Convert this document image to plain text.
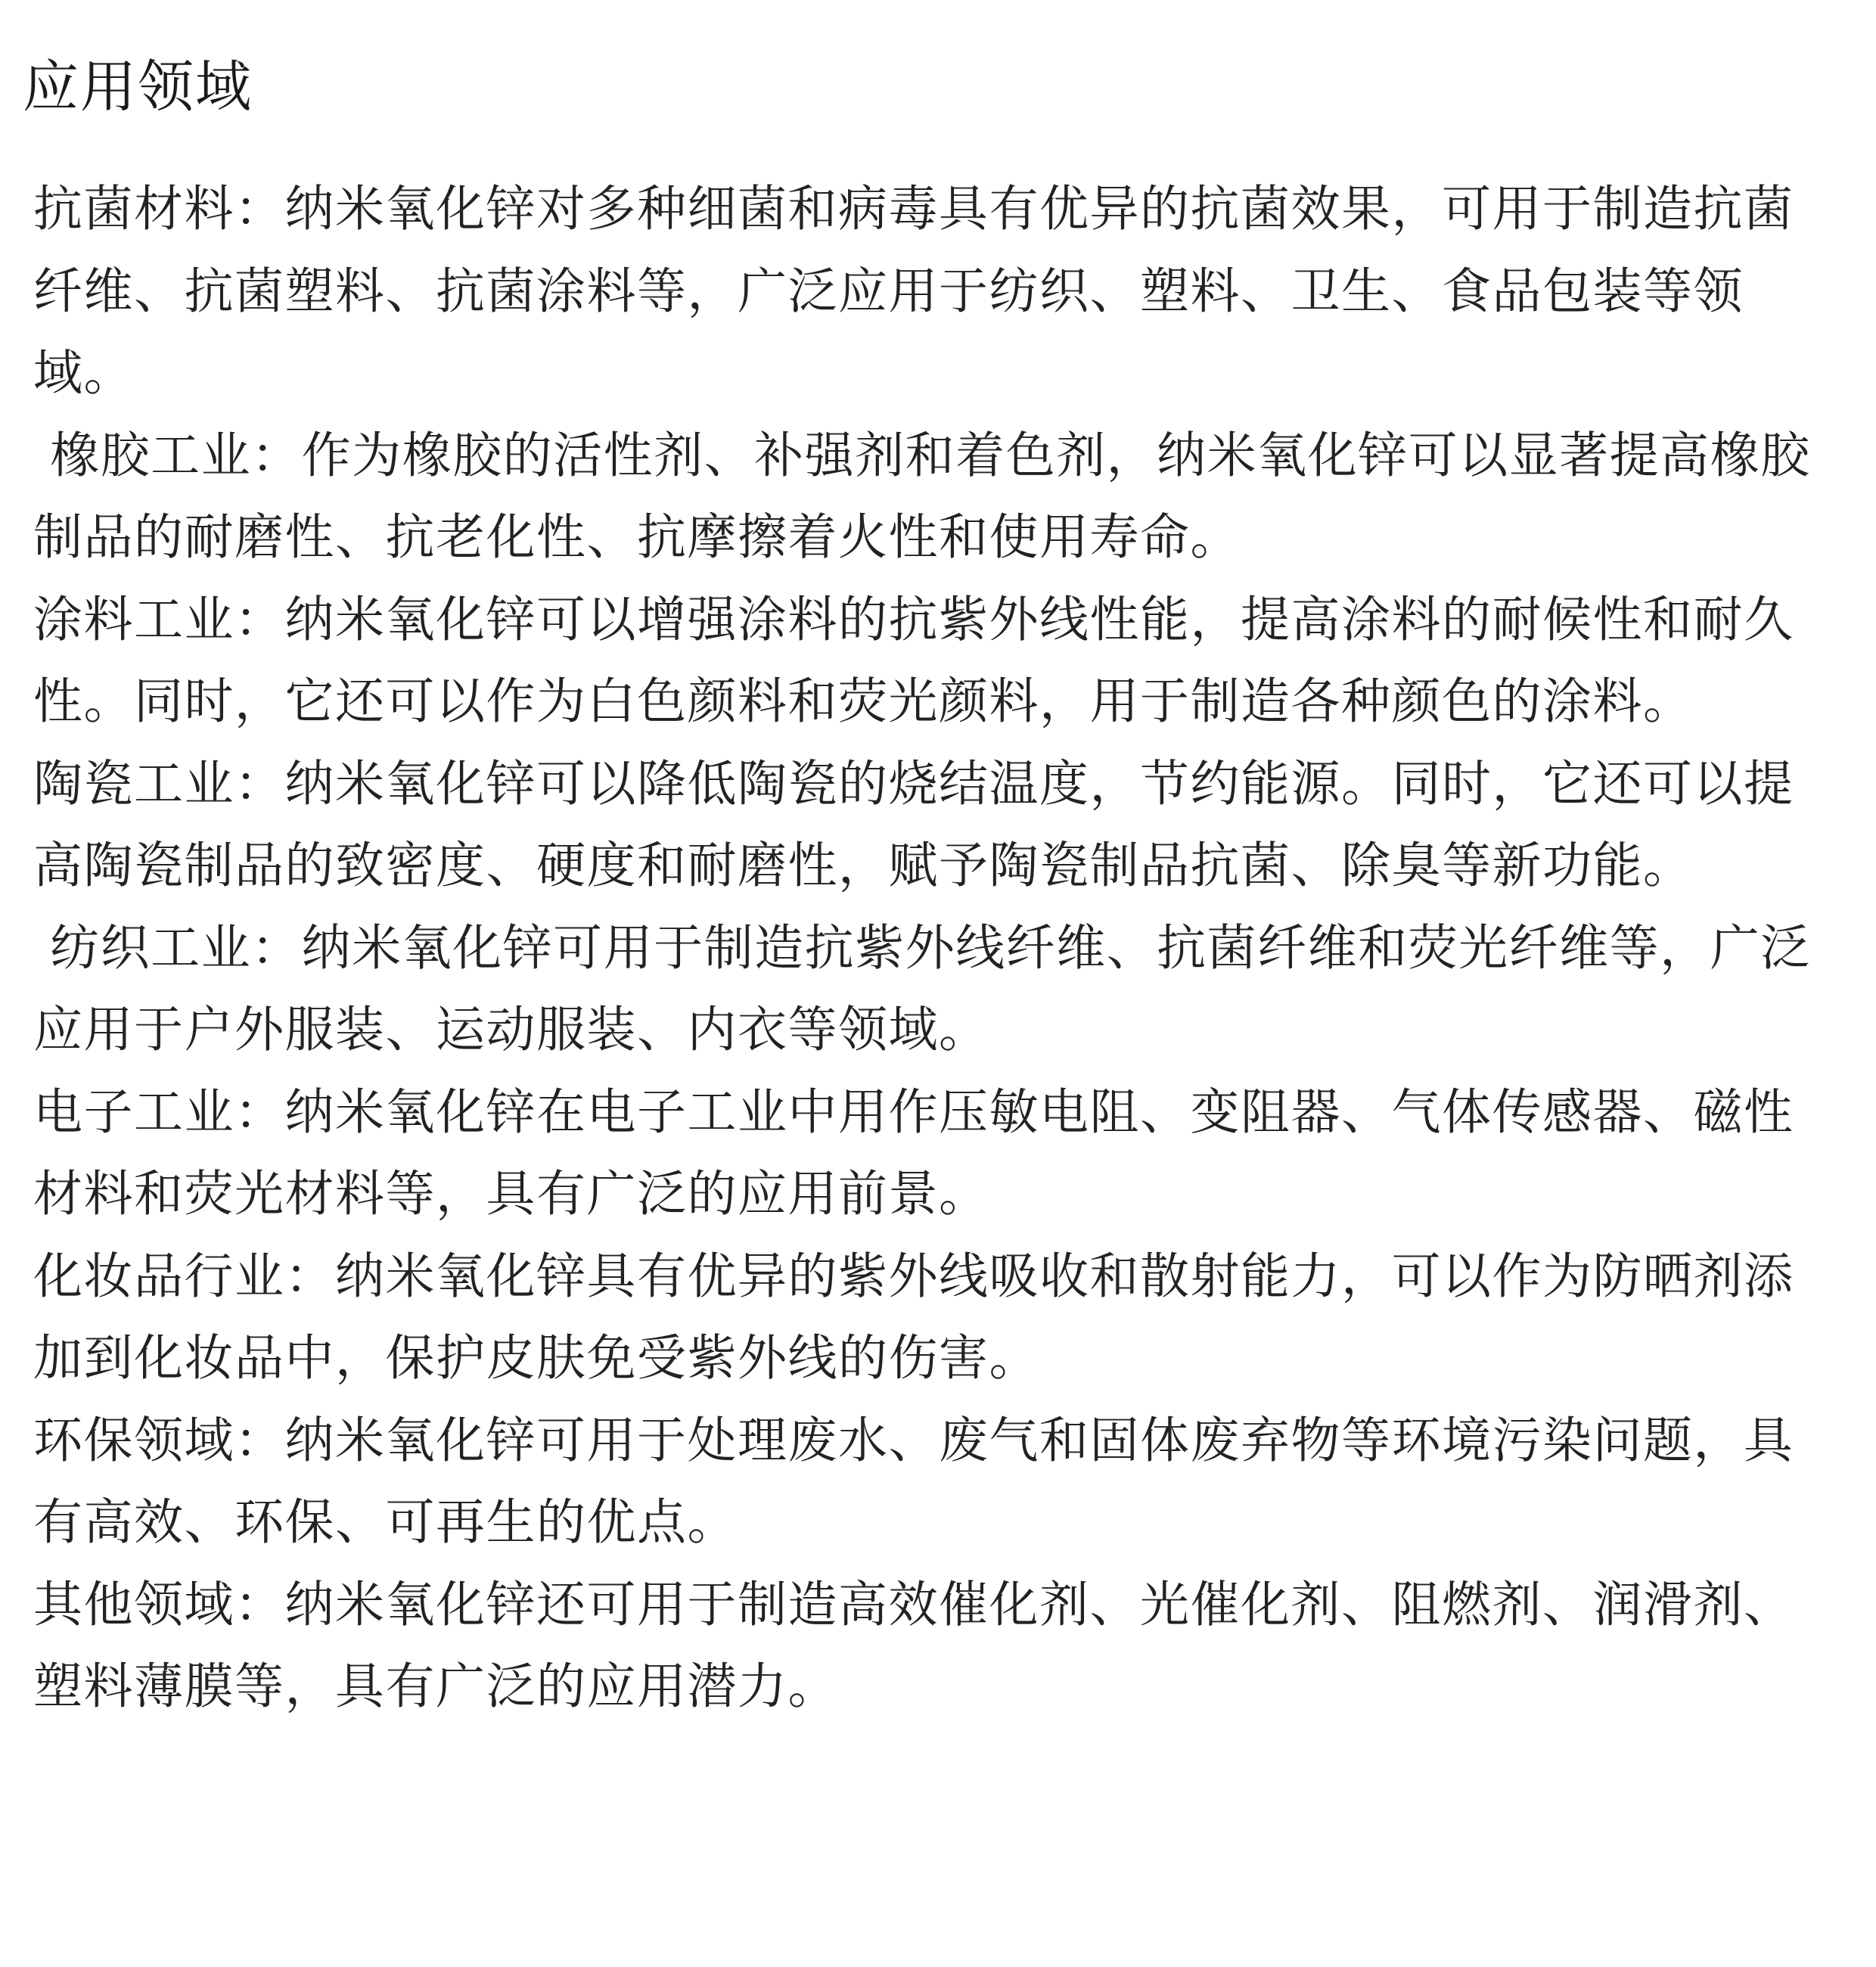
应用领域

抗菌材料：纳米氧化锌对多种细菌和病毒具有优异的抗菌效果，可用于制造抗菌纤维、抗菌塑料、抗菌涂料等，广泛应用于纺织、塑料、卫生、食品包装等领域。

橡胶工业：作为橡胶的活性剂、补强剂和着色剂，纳米氧化锌可以显著提高橡胶制品的耐磨性、抗老化性、抗摩擦着火性和使用寿命。

涂料工业：纳米氧化锌可以增强涂料的抗紫外线性能，提高涂料的耐候性和耐久性。同时，它还可以作为白色颜料和荧光颜料，用于制造各种颜色的涂料。

陶瓷工业：纳米氧化锌可以降低陶瓷的烧结温度，节约能源。同时，它还可以提高陶瓷制品的致密度、硬度和耐磨性，赋予陶瓷制品抗菌、除臭等新功能。

纺织工业：纳米氧化锌可用于制造抗紫外线纤维、抗菌纤维和荧光纤维等，广泛应用于户外服装、运动服装、内衣等领域。

电子工业：纳米氧化锌在电子工业中用作压敏电阻、变阻器、气体传感器、磁性材料和荧光材料等，具有广泛的应用前景。

化妆品行业：纳米氧化锌具有优异的紫外线吸收和散射能力，可以作为防晒剂添加到化妆品中，保护皮肤免受紫外线的伤害。

环保领域：纳米氧化锌可用于处理废水、废气和固体废弃物等环境污染问题，具有高效、环保、可再生的优点。

其他领域：纳米氧化锌还可用于制造高效催化剂、光催化剂、阻燃剂、润滑剂、塑料薄膜等，具有广泛的应用潜力。
